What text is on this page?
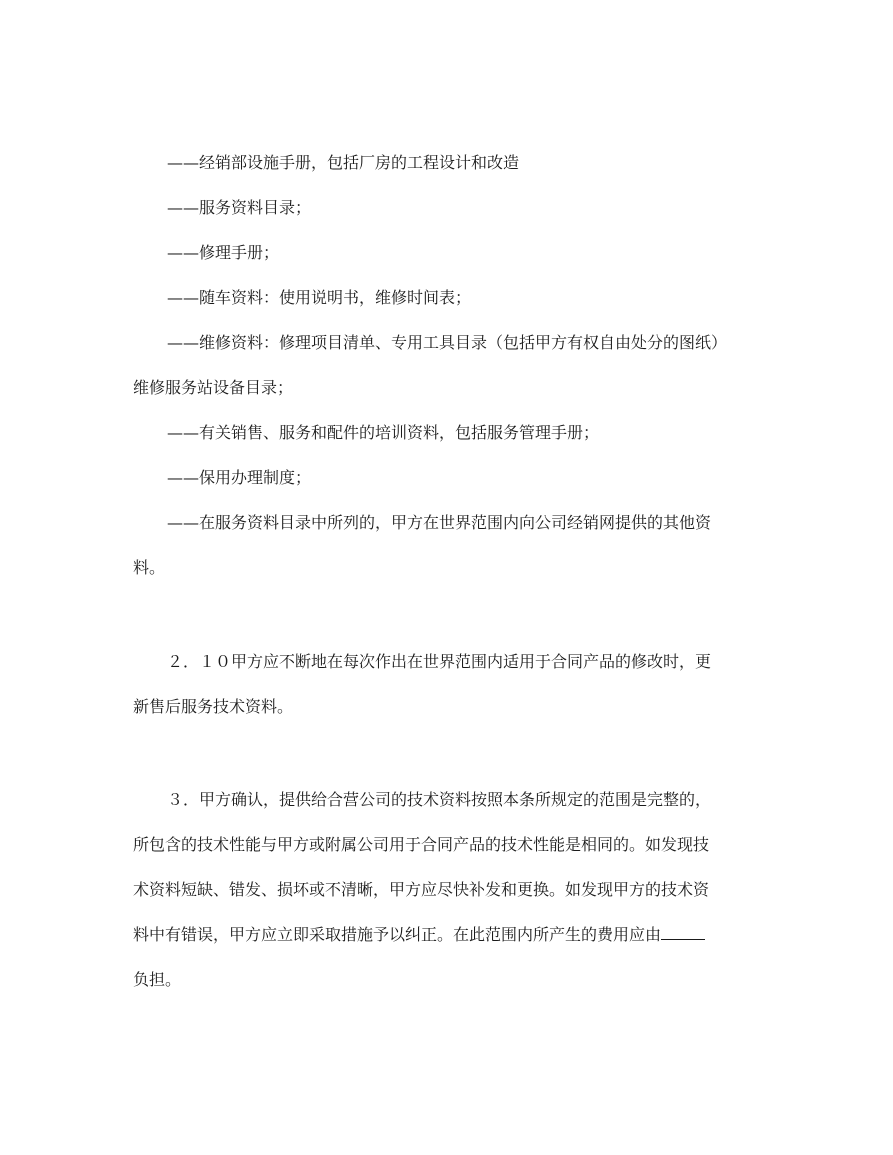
——经销部设施手册，包括厂房的工程设计和改造
——服务资料目录；
——修理手册；
——随车资料：使用说明书，维修时间表；
——维修资料：修理项目清单、专用工具目录（包括甲方有权自由处分的图纸）
维修服务站设备目录；
——有关销售、服务和配件的培训资料，包括服务管理手册；
——保用办理制度；
——在服务资料目录中所列的，甲方在世界范围内向公司经销网提供的其他资
料。
２．１０甲方应不断地在每次作出在世界范围内适用于合同产品的修改时，更
新售后服务技术资料。
３．甲方确认，提供给合营公司的技术资料按照本条所规定的范围是完整的，
所包含的技术性能与甲方或附属公司用于合同产品的技术性能是相同的。如发现技
术资料短缺、错发、损坏或不清晰，甲方应尽快补发和更换。如发现甲方的技术资
料中有错误，甲方应立即采取措施予以纠正。在此范围内所产生的费用应由
负担。
